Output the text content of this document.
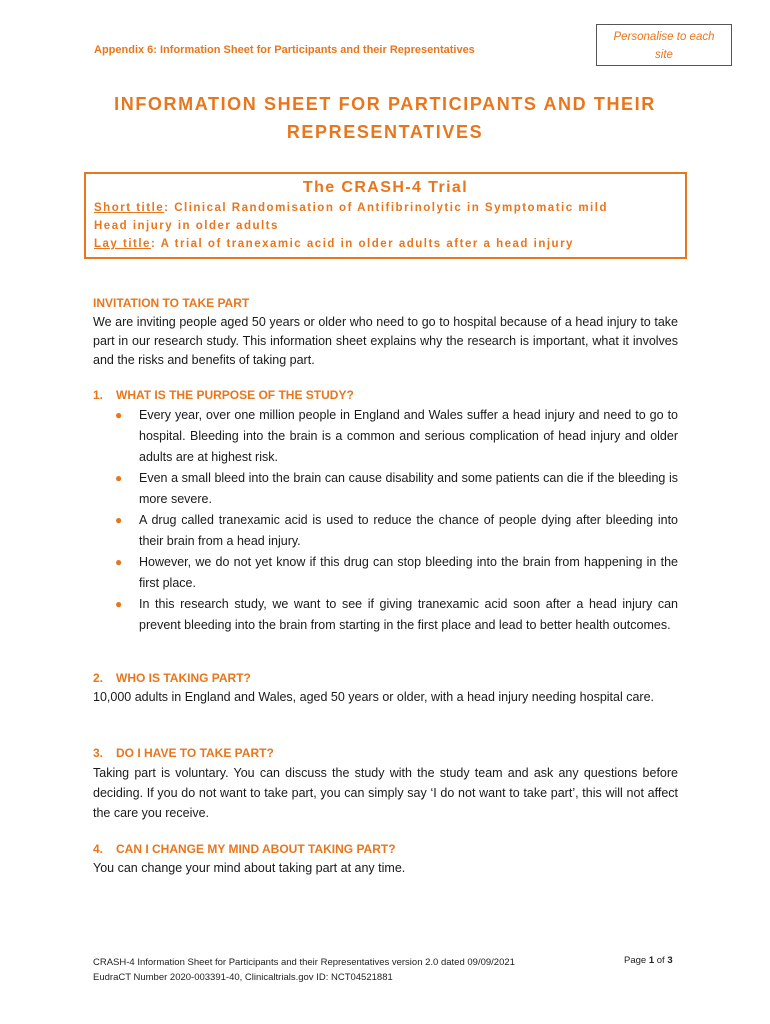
Appendix 6: Information Sheet for Participants and their Representatives
Personalise to each
site
INFORMATION SHEET FOR PARTICIPANTS AND THEIR
REPRESENTATIVES
The CRASH-4 Trial
Short title: Clinical Randomisation of Antifibrinolytic in Symptomatic mild
Head injury in older adults
Lay title: A trial of tranexamic acid in older adults after a head injury
INVITATION TO TAKE PART
We are inviting people aged 50 years or older who need to go to hospital because of a head injury to take part in our research study. This information sheet explains why the research is important, what it involves and the risks and benefits of taking part.
1. WHAT IS THE PURPOSE OF THE STUDY?
● Every year, over one million people in England and Wales suffer a head injury and need to go to hospital. Bleeding into the brain is a common and serious complication of head injury and older adults are at highest risk.
● Even a small bleed into the brain can cause disability and some patients can die if the bleeding is more severe.
● A drug called tranexamic acid is used to reduce the chance of people dying after bleeding into their brain from a head injury.
● However, we do not yet know if this drug can stop bleeding into the brain from happening in the first place.
● In this research study, we want to see if giving tranexamic acid soon after a head injury can prevent bleeding into the brain from starting in the first place and lead to better health outcomes.
2. WHO IS TAKING PART?
10,000 adults in England and Wales, aged 50 years or older, with a head injury needing hospital care.
3. DO I HAVE TO TAKE PART?
Taking part is voluntary. You can discuss the study with the study team and ask any questions before deciding. If you do not want to take part, you can simply say ‘I do not want to take part’, this will not affect the care you receive.
4. CAN I CHANGE MY MIND ABOUT TAKING PART?
You can change your mind about taking part at any time.
CRASH-4 Information Sheet for Participants and their Representatives version 2.0 dated 09/09/2021
EudraCT Number 2020-003391-40, Clinicaltrials.gov ID: NCT04521881
Page 1 of 3
